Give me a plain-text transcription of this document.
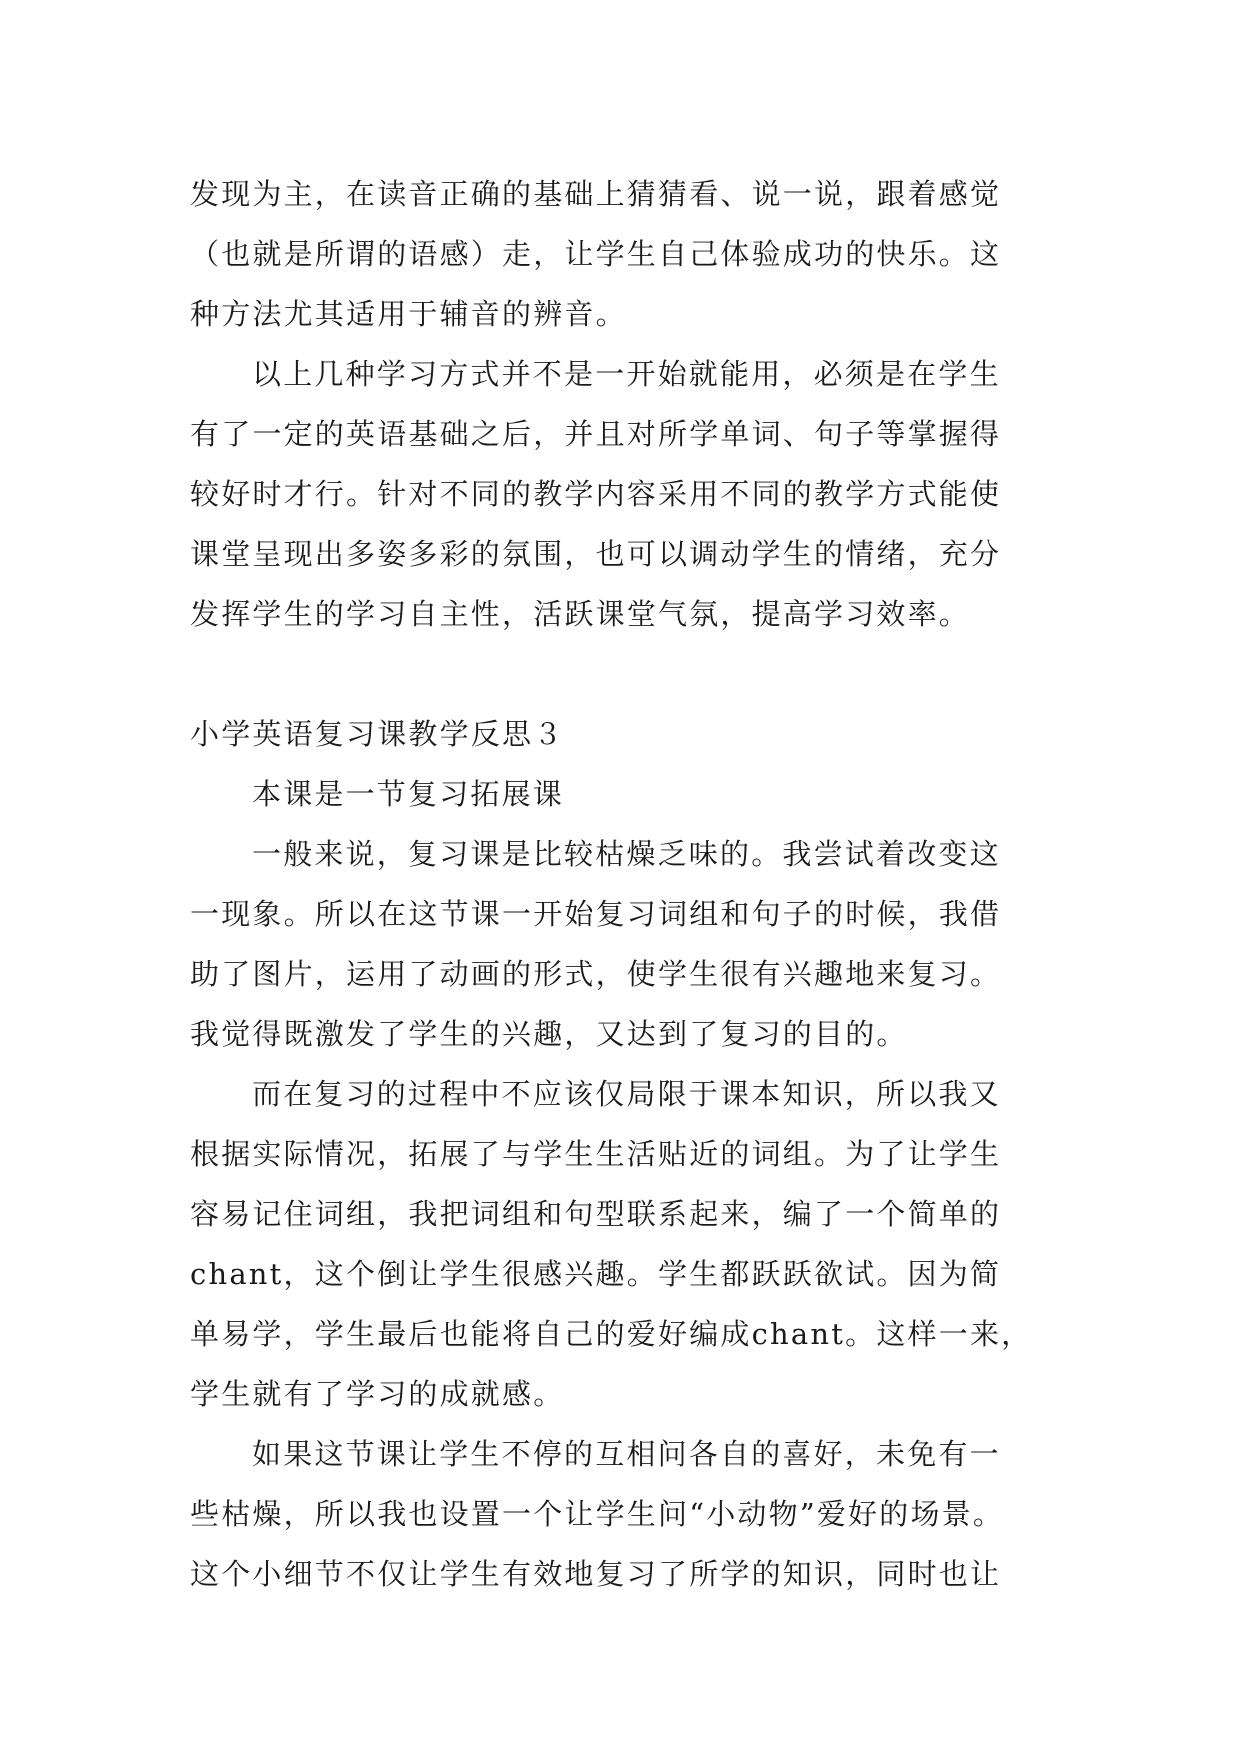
发现为主，在读音正确的基础上猜猜看、说一说，跟着感觉
（也就是所谓的语感）走，让学生自己体验成功的快乐。这
种方法尤其适用于辅音的辨音。
以上几种学习方式并不是一开始就能用，必须是在学生
有了一定的英语基础之后，并且对所学单词、句子等掌握得
较好时才行。针对不同的教学内容采用不同的教学方式能使
课堂呈现出多姿多彩的氛围，也可以调动学生的情绪，充分
发挥学生的学习自主性，活跃课堂气氛，提高学习效率。
小学英语复习课教学反思３
本课是一节复习拓展课
一般来说，复习课是比较枯燥乏味的。我尝试着改变这
一现象。所以在这节课一开始复习词组和句子的时候，我借
助了图片，运用了动画的形式，使学生很有兴趣地来复习。
我觉得既激发了学生的兴趣，又达到了复习的目的。
而在复习的过程中不应该仅局限于课本知识，所以我又
根据实际情况，拓展了与学生生活贴近的词组。为了让学生
容易记住词组，我把词组和句型联系起来，编了一个简单的
chant，这个倒让学生很感兴趣。学生都跃跃欲试。因为简
单易学，学生最后也能将自己的爱好编成chant。这样一来，
学生就有了学习的成就感。
如果这节课让学生不停的互相问各自的喜好，未免有一
些枯燥，所以我也设置一个让学生问“小动物”爱好的场景。
这个小细节不仅让学生有效地复习了所学的知识，同时也让
